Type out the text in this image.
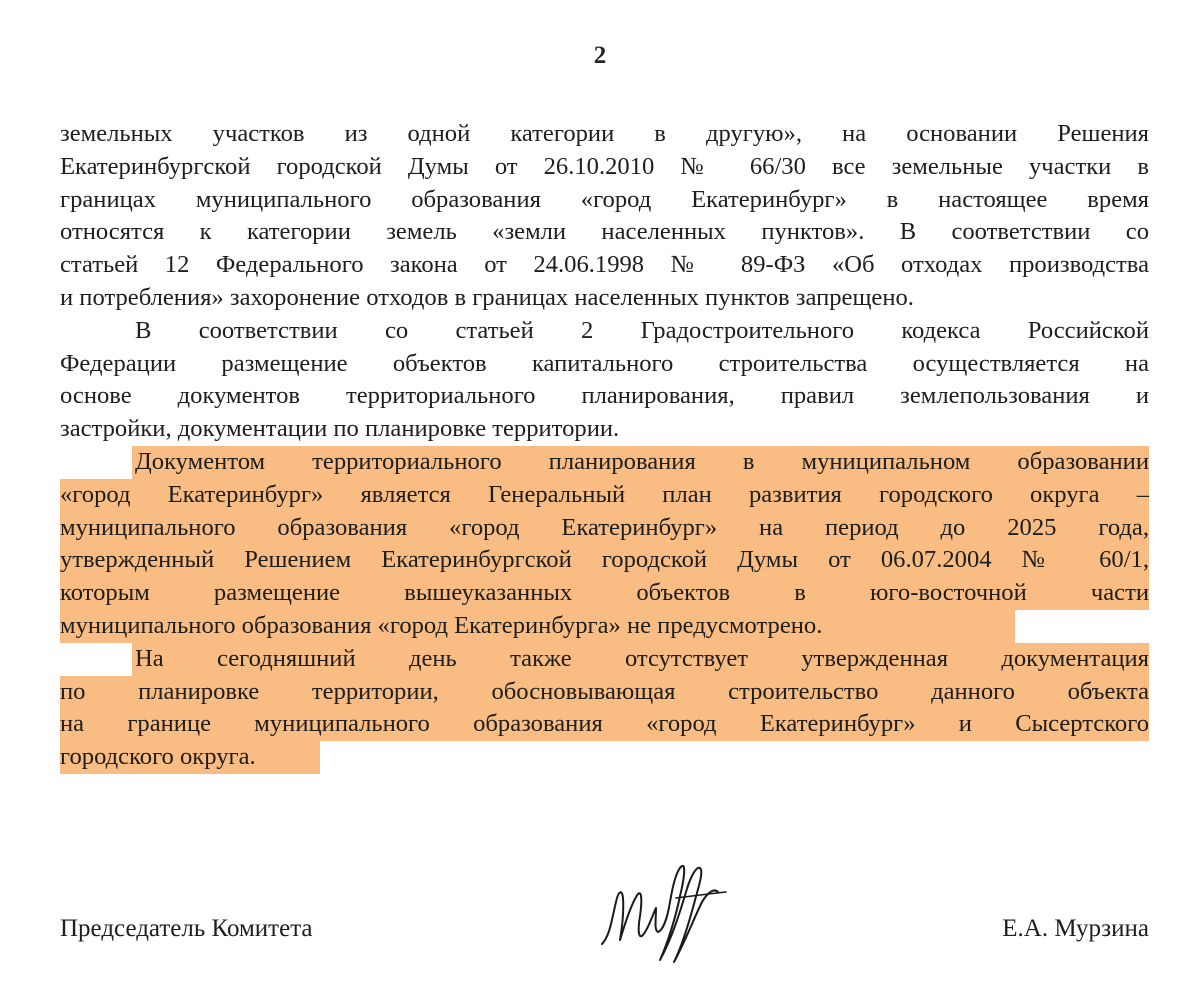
2
земельных участков из одной категории в другую», на основании Решения
Екатеринбургской городской Думы от 26.10.2010 № 66/30 все земельные участки в
границах муниципального образования «город Екатеринбург» в настоящее время
относятся к категории земель «земли населенных пунктов». В соответствии со
статьей 12 Федерального закона от 24.06.1998 № 89-ФЗ «Об отходах производства
и потребления» захоронение отходов в границах населенных пунктов запрещено.
В соответствии со статьей 2 Градостроительного кодекса Российской
Федерации размещение объектов капитального строительства осуществляется на
основе документов территориального планирования, правил землепользования и
застройки, документации по планировке территории.
Документом территориального планирования в муниципальном образовании
«город Екатеринбург» является Генеральный план развития городского округа –
муниципального образования «город Екатеринбург» на период до 2025 года,
утвержденный Решением Екатеринбургской городской Думы от 06.07.2004 № 60/1,
которым размещение вышеуказанных объектов в юго-восточной части
муниципального образования «город Екатеринбурга» не предусмотрено.
На сегодняшний день также отсутствует утвержденная документация
по планировке территории, обосновывающая строительство данного объекта
на границе муниципального образования «город Екатеринбург» и Сысертского
городского округа.
Председатель Комитета	Е.А. Мурзина
